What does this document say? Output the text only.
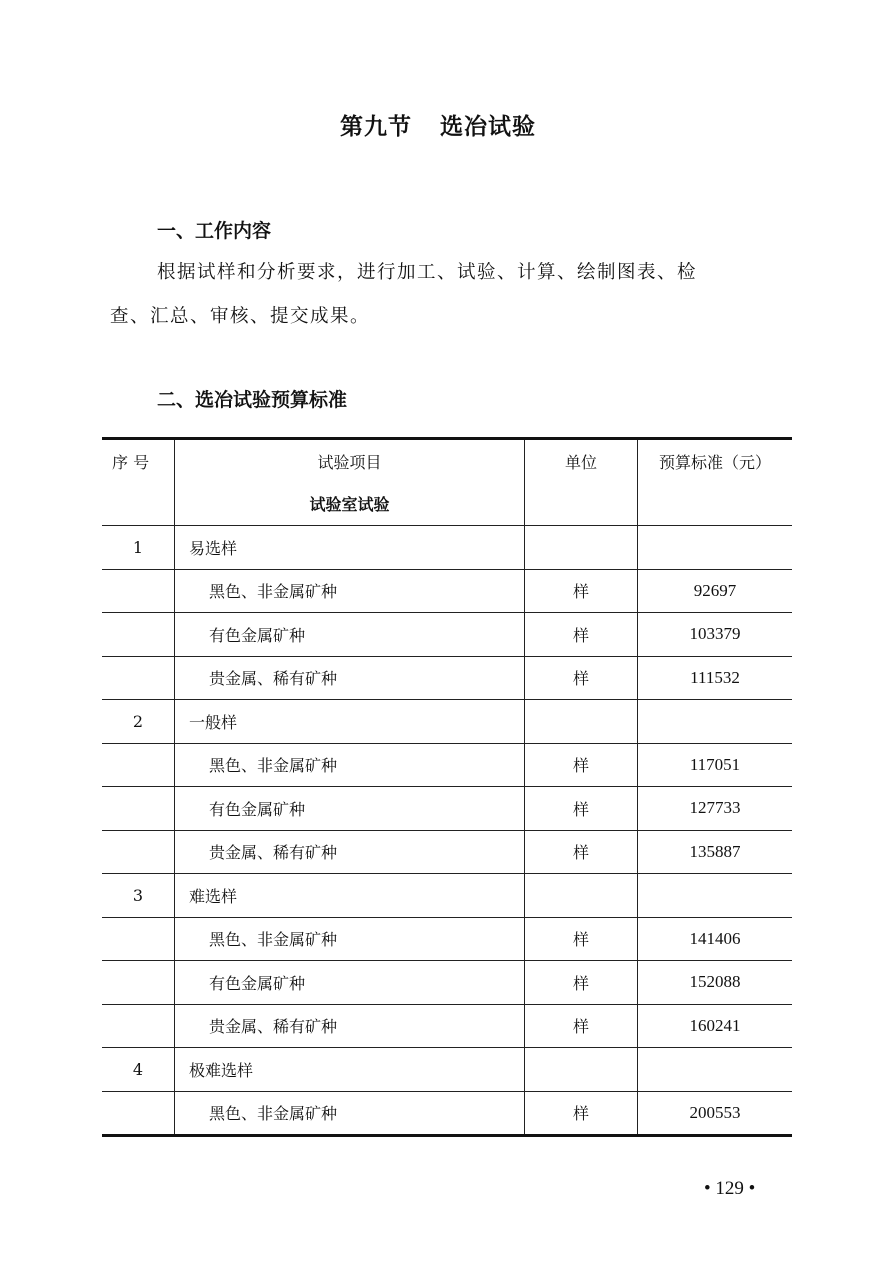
第九节 选冶试验
一、工作内容
根据试样和分析要求，进行加工、试验、计算、绘制图表、检
查、汇总、审核、提交成果。
二、选冶试验预算标准
序 号	试验项目	单位	预算标准（元）
	试验室试验		
1	易选样		
	黑色、非金属矿种	样	92697
	有色金属矿种	样	103379
	贵金属、稀有矿种	样	111532
2	一般样		
	黑色、非金属矿种	样	117051
	有色金属矿种	样	127733
	贵金属、稀有矿种	样	135887
3	难选样		
	黑色、非金属矿种	样	141406
	有色金属矿种	样	152088
	贵金属、稀有矿种	样	160241
4	极难选样		
	黑色、非金属矿种	样	200553
• 129 •
